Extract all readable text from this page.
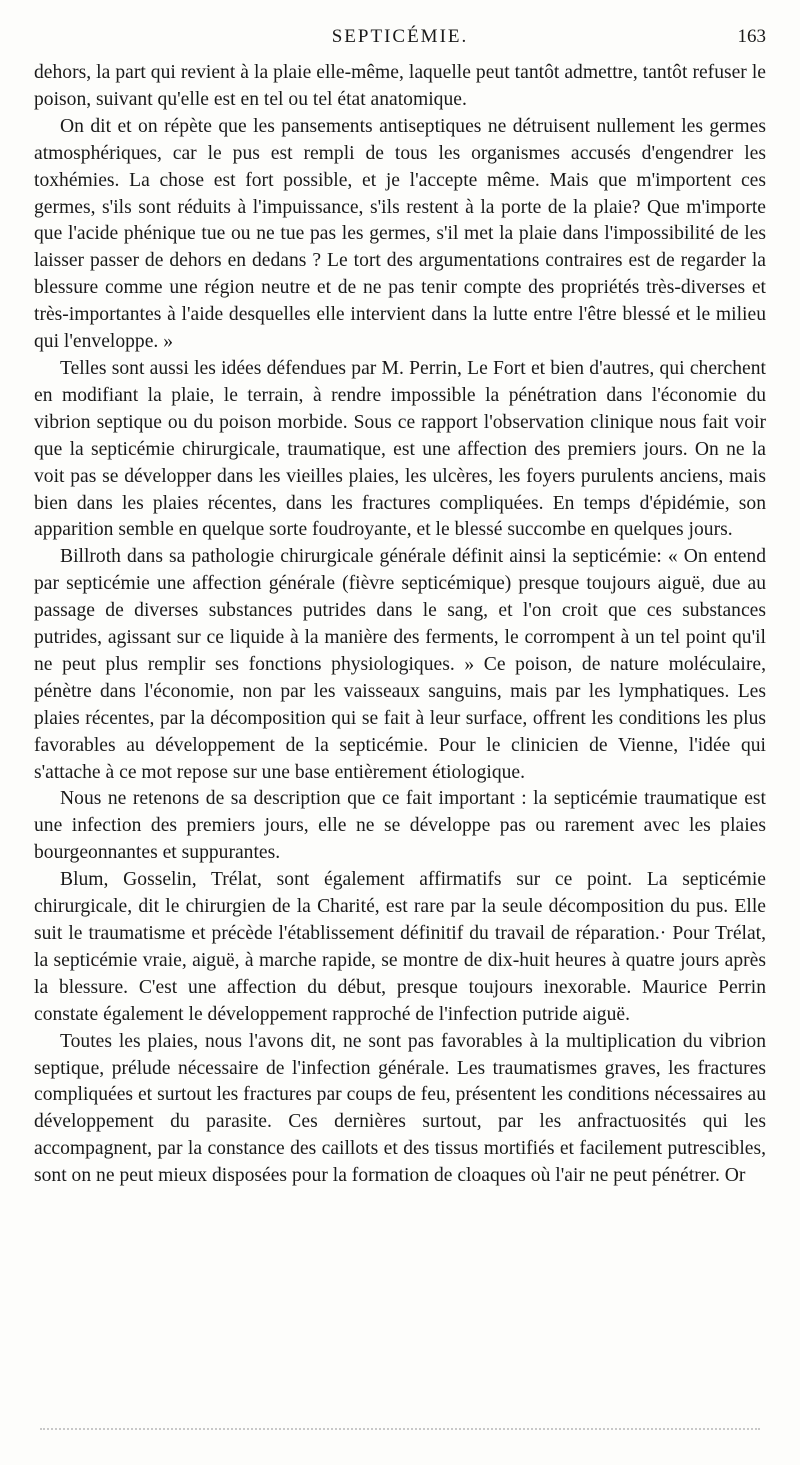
SEPTICÉMIE.	163

dehors, la part qui revient à la plaie elle-même, laquelle peut tantôt admettre, tantôt refuser le poison, suivant qu'elle est en tel ou tel état anatomique.

On dit et on répète que les pansements antiseptiques ne détruisent nullement les germes atmosphériques, car le pus est rempli de tous les organismes accusés d'engendrer les toxhémies. La chose est fort possible, et je l'accepte même. Mais que m'importent ces germes, s'ils sont réduits à l'impuissance, s'ils restent à la porte de la plaie? Que m'importe que l'acide phénique tue ou ne tue pas les germes, s'il met la plaie dans l'impossibilité de les laisser passer de dehors en dedans ? Le tort des argumentations contraires est de regarder la blessure comme une région neutre et de ne pas tenir compte des propriétés très-diverses et très-importantes à l'aide desquelles elle intervient dans la lutte entre l'être blessé et le milieu qui l'enveloppe. »

Telles sont aussi les idées défendues par M. Perrin, Le Fort et bien d'autres, qui cherchent en modifiant la plaie, le terrain, à rendre impossible la pénétration dans l'économie du vibrion septique ou du poison morbide. Sous ce rapport l'observation clinique nous fait voir que la septicémie chirurgicale, traumatique, est une affection des premiers jours. On ne la voit pas se développer dans les vieilles plaies, les ulcères, les foyers purulents anciens, mais bien dans les plaies récentes, dans les fractures compliquées. En temps d'épidémie, son apparition semble en quelque sorte foudroyante, et le blessé succombe en quelques jours.

Billroth dans sa pathologie chirurgicale générale définit ainsi la septicémie: « On entend par septicémie une affection générale (fièvre septicémique) presque toujours aiguë, due au passage de diverses substances putrides dans le sang, et l'on croit que ces substances putrides, agissant sur ce liquide à la manière des ferments, le corrompent à un tel point qu'il ne peut plus remplir ses fonctions physiologiques. » Ce poison, de nature moléculaire, pénètre dans l'économie, non par les vaisseaux sanguins, mais par les lymphatiques. Les plaies récentes, par la décomposition qui se fait à leur surface, offrent les conditions les plus favorables au développement de la septicémie. Pour le clinicien de Vienne, l'idée qui s'attache à ce mot repose sur une base entièrement étiologique.

Nous ne retenons de sa description que ce fait important : la septicémie traumatique est une infection des premiers jours, elle ne se développe pas ou rarement avec les plaies bourgeonnantes et suppurantes.

Blum, Gosselin, Trélat, sont également affirmatifs sur ce point. La septicémie chirurgicale, dit le chirurgien de la Charité, est rare par la seule décomposition du pus. Elle suit le traumatisme et précède l'établissement définitif du travail de réparation.· Pour Trélat, la septicémie vraie, aiguë, à marche rapide, se montre de dix-huit heures à quatre jours après la blessure. C'est une affection du début, presque toujours inexorable. Maurice Perrin constate également le développement rapproché de l'infection putride aiguë.

Toutes les plaies, nous l'avons dit, ne sont pas favorables à la multiplication du vibrion septique, prélude nécessaire de l'infection générale. Les traumatismes graves, les fractures compliquées et surtout les fractures par coups de feu, présentent les conditions nécessaires au développement du parasite. Ces dernières surtout, par les anfractuosités qui les accompagnent, par la constance des caillots et des tissus mortifiés et facilement putrescibles, sont on ne peut mieux disposées pour la formation de cloaques où l'air ne peut pénétrer. Or
